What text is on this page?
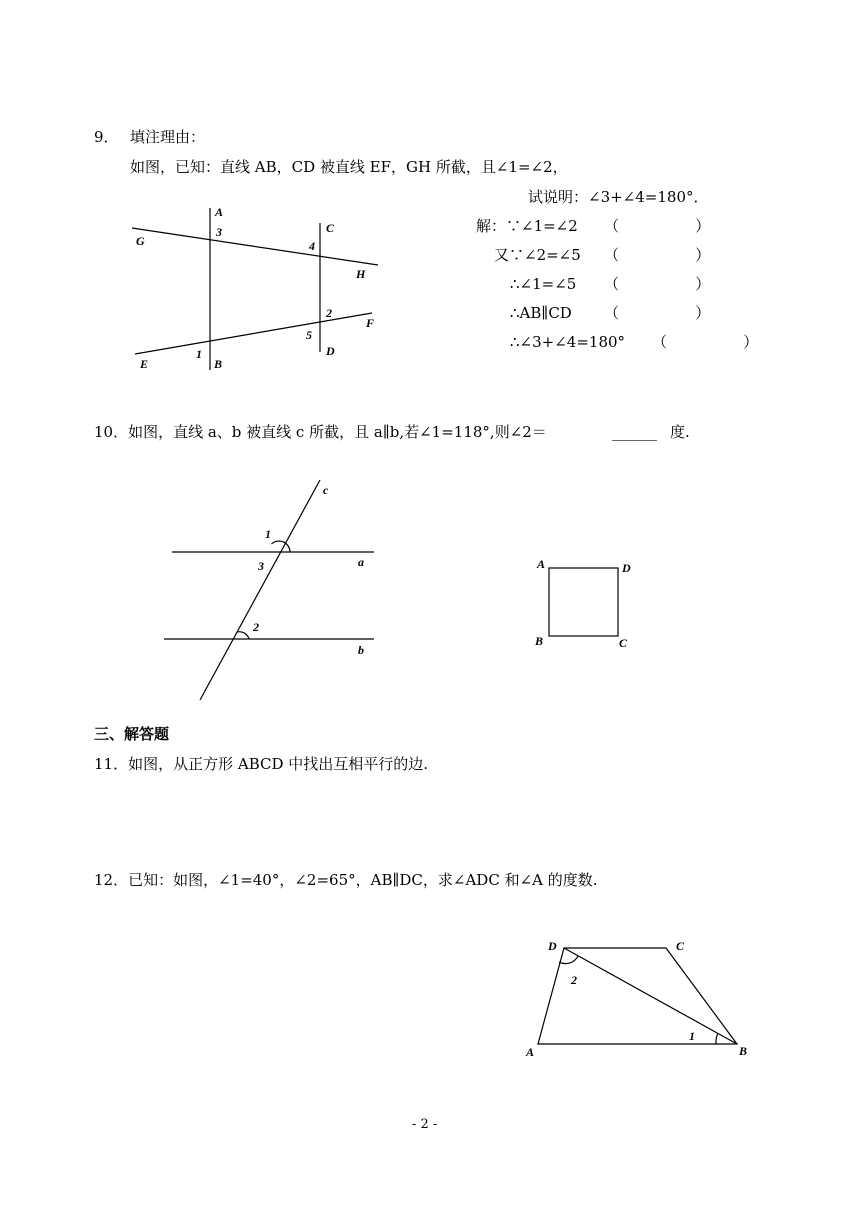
9． 填注理由：
如图，已知：直线 AB，CD 被直线 EF，GH 所截，且∠1=∠2，
试说明：∠3+∠4=180°．
解：∵∠1=∠2 （                ）
又∵∠2=∠5 （                ）
∴∠1=∠5 （                ）
∴AB∥CD （                ）
∴∠3+∠4=180° （                ）
10．如图，直线 a、b 被直线 c 所截，且 a∥b,若∠1=118°,则∠2＝	______ 度.
三、解答题
11．如图，从正方形 ABCD 中找出互相平行的边.
12．已知：如图，∠1=40°，∠2=65°，AB∥DC，求∠ADC 和∠A 的度数.
- 2 -
A
3
G
C
4
H
2
F
5
D
1
E	B
c
1
3	a
2
b
A	D
B	C
D	C
2
1
A	B
